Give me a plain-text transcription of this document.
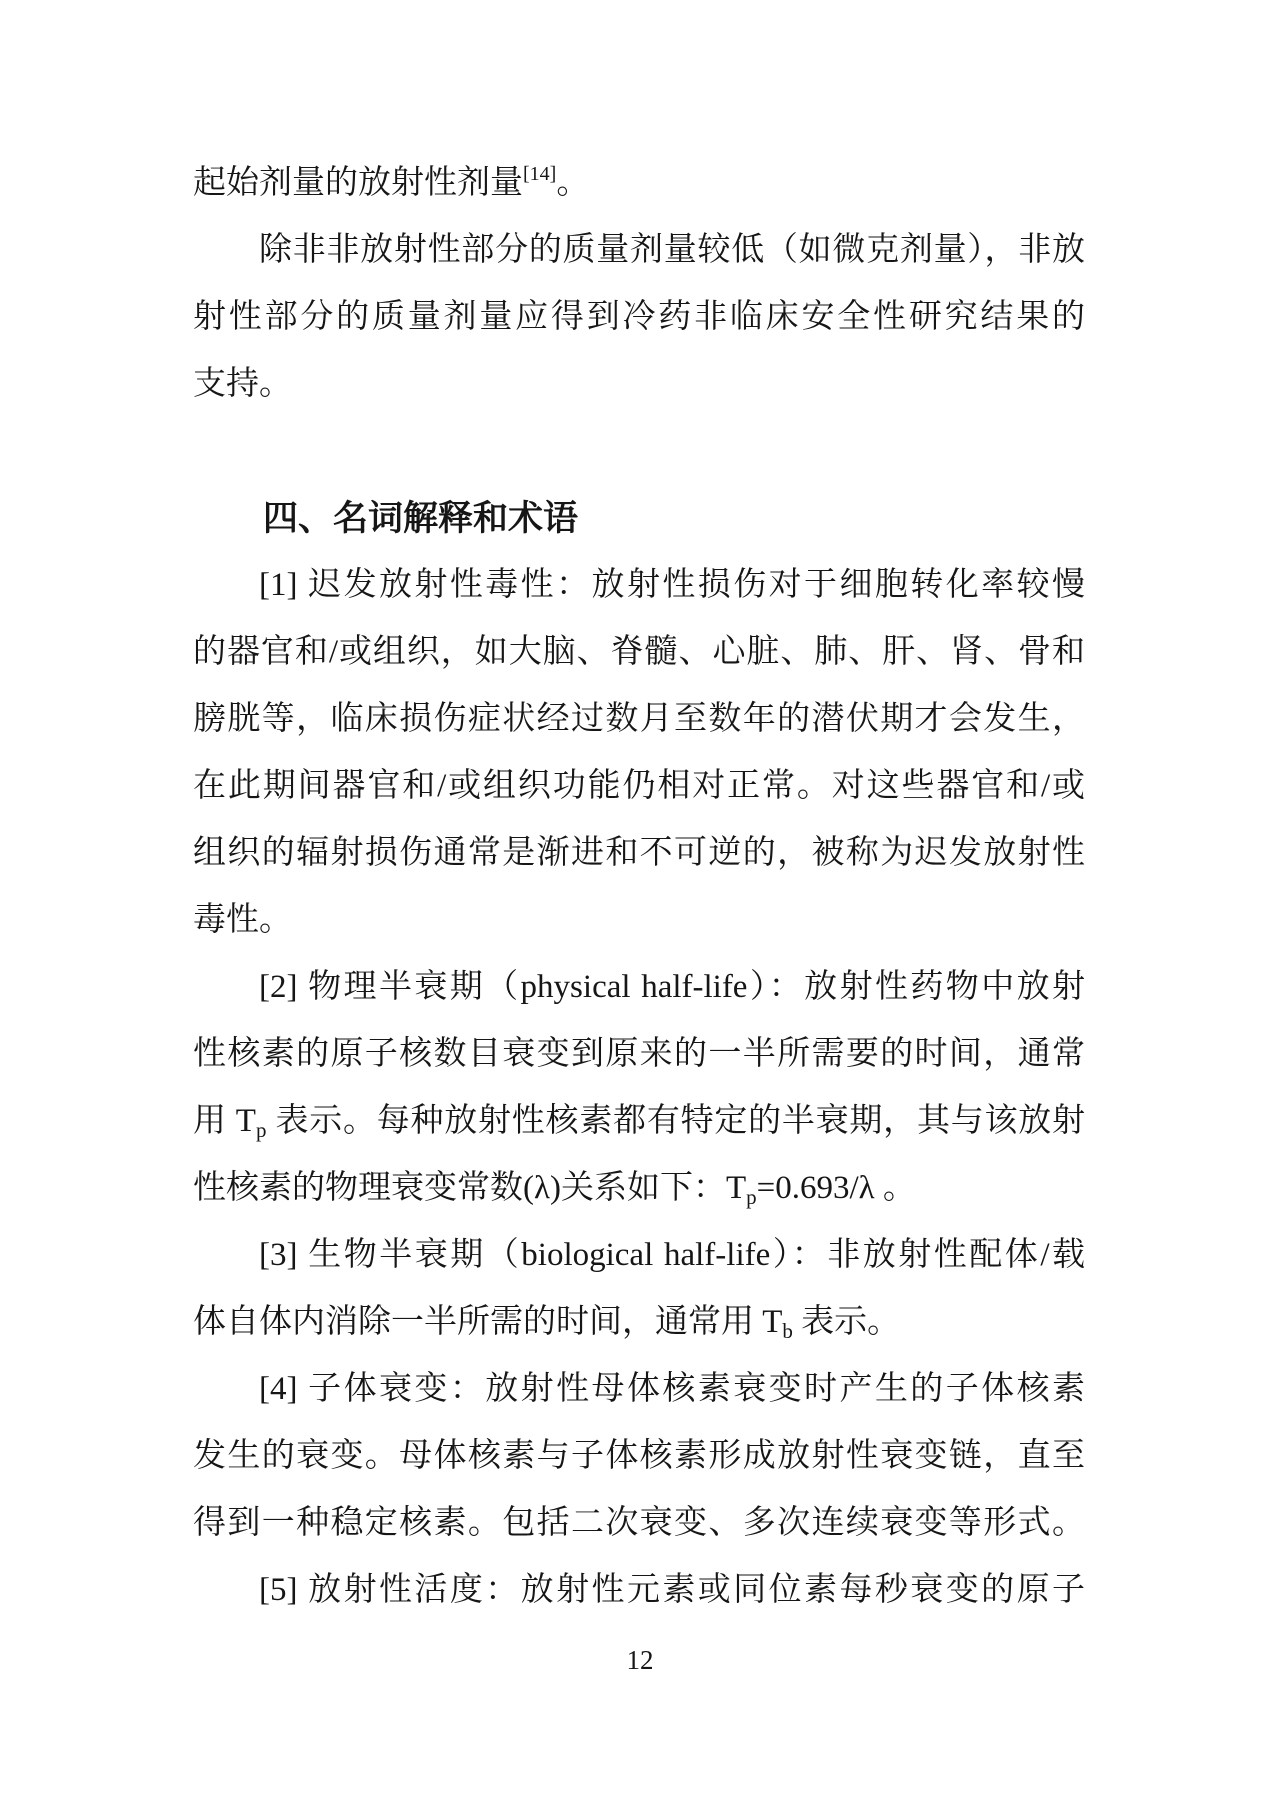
起始剂量的放射性剂量[14]。
除非非放射性部分的质量剂量较低（如微克剂量），非放
射性部分的质量剂量应得到冷药非临床安全性研究结果的
支持。
四、名词解释和术语
[1] 迟发放射性毒性：放射性损伤对于细胞转化率较慢
的器官和/或组织，如大脑、脊髓、心脏、肺、肝、肾、骨和
膀胱等，临床损伤症状经过数月至数年的潜伏期才会发生，
在此期间器官和/或组织功能仍相对正常。对这些器官和/或
组织的辐射损伤通常是渐进和不可逆的，被称为迟发放射性
毒性。
[2] 物理半衰期（physical half-life）：放射性药物中放射
性核素的原子核数目衰变到原来的一半所需要的时间，通常
用 $T_p$ 表示。每种放射性核素都有特定的半衰期，其与该放射
性核素的物理衰变常数(λ)关系如下：$T_p=0.693/\lambda$ 。
[3] 生物半衰期（biological half-life）：非放射性配体/载
体自体内消除一半所需的时间，通常用 $T_b$ 表示。
[4] 子体衰变：放射性母体核素衰变时产生的子体核素
发生的衰变。母体核素与子体核素形成放射性衰变链，直至
得到一种稳定核素。包括二次衰变、多次连续衰变等形式。
[5] 放射性活度：放射性元素或同位素每秒衰变的原子
12
